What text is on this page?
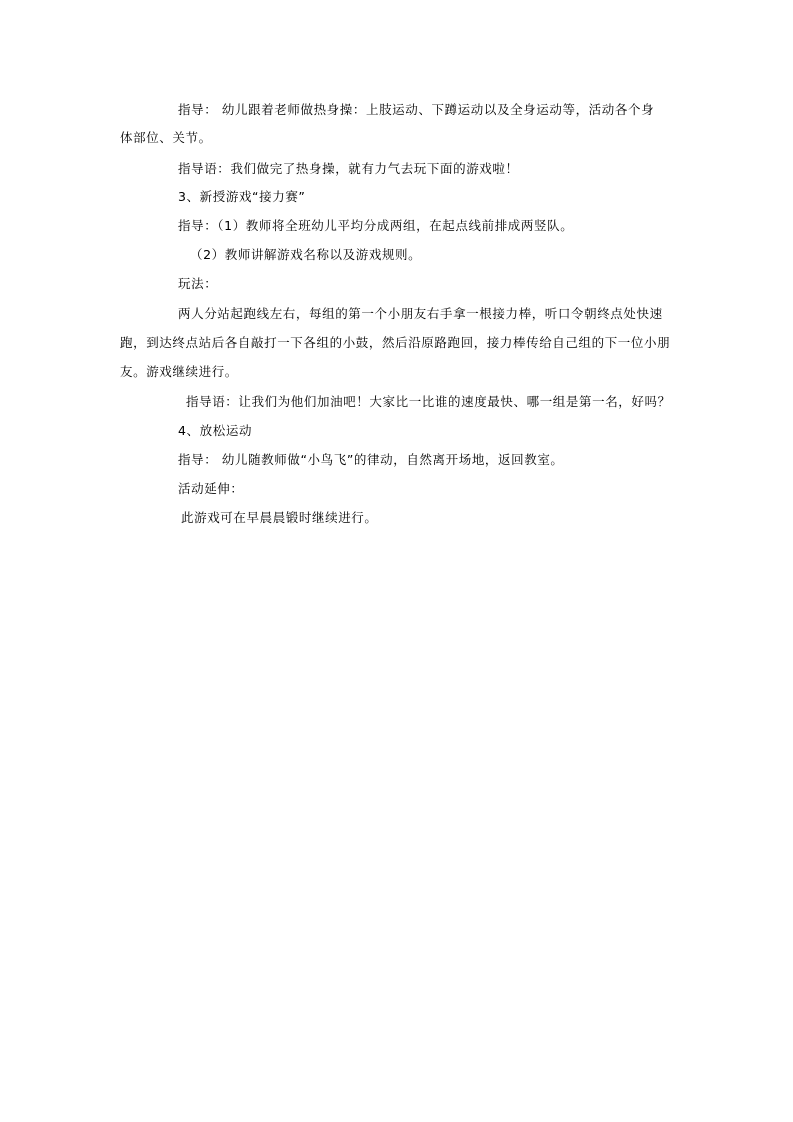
指导： 幼儿跟着老师做热身操：上肢运动、下蹲运动以及全身运动等，活动各个身
体部位、关节。
指导语：我们做完了热身操，就有力气去玩下面的游戏啦！
3、新授游戏“接力赛”
指导：（1）教师将全班幼儿平均分成两组，在起点线前排成两竖队。
（2）教师讲解游戏名称以及游戏规则。
玩法：
两人分站起跑线左右，每组的第一个小朋友右手拿一根接力棒，听口令朝终点处快速
跑，到达终点站后各自敲打一下各组的小鼓，然后沿原路跑回，接力棒传给自己组的下一位小朋
友。游戏继续进行。
指导语：让我们为他们加油吧！大家比一比谁的速度最快、哪一组是第一名，好吗？
4、放松运动
指导： 幼儿随教师做“小鸟飞”的律动，自然离开场地，返回教室。
活动延伸：
此游戏可在早晨晨锻时继续进行。
